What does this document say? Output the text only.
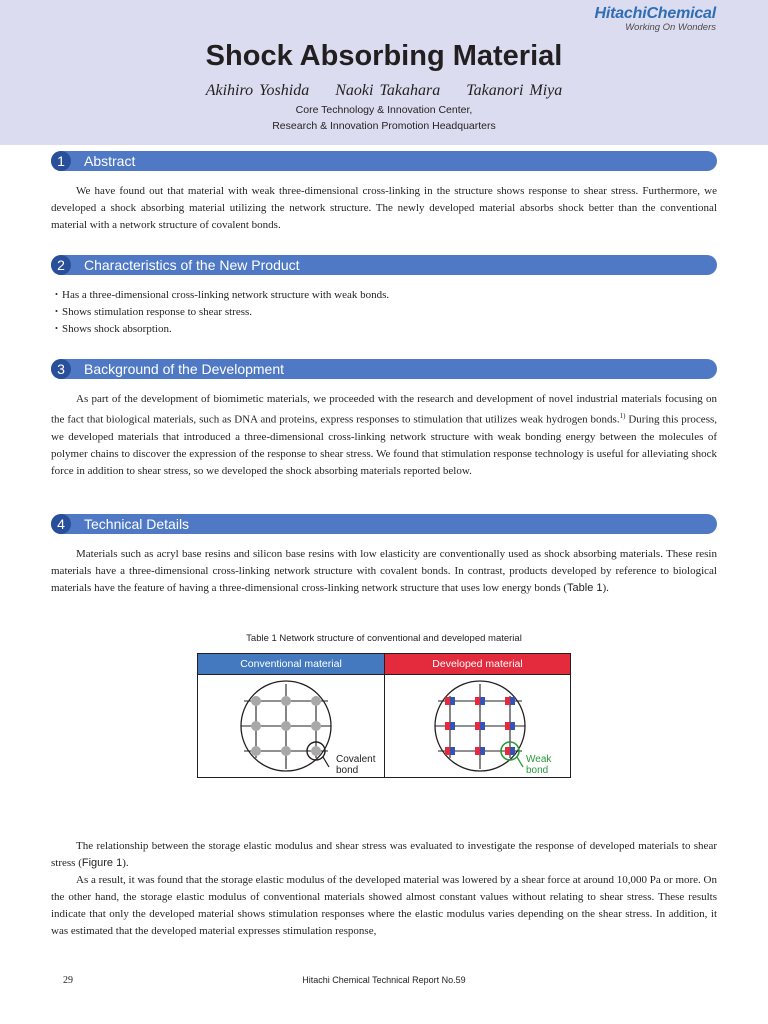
HitachiChemical
Working On Wonders
Shock Absorbing Material
Akihiro Yoshida Naoki Takahara Takanori Miya
Core Technology & Innovation Center,
Research & Innovation Promotion Headquarters
1	Abstract

We have found out that material with weak three-dimensional cross-linking in the structure shows response to shear stress. Furthermore, we developed a shock absorbing material utilizing the network structure. The newly developed material absorbs shock better than the conventional material with a network structure of covalent bonds.

2	Characteristics of the New Product
・Has a three-dimensional cross-linking network structure with weak bonds.
・Shows stimulation response to shear stress.
・Shows shock absorption.
3	Background of the Development

As part of the development of biomimetic materials, we proceeded with the research and development of novel industrial materials focusing on the fact that biological materials, such as DNA and proteins, express responses to stimulation that utilizes weak hydrogen bonds.$^{1)}$ During this process, we developed materials that introduced a three-dimensional cross-linking network structure with weak bonding energy between the molecules of polymer chains to discover the expression of the response to shear stress. We found that stimulation response technology is useful for alleviating shock force in addition to shear stress, so we developed the shock absorbing materials reported below.

4	Technical Details

Materials such as acryl base resins and silicon base resins with low elasticity are conventionally used as shock absorbing materials. These resin materials have a three-dimensional cross-linking network structure with covalent bonds. In contrast, products developed by reference to biological materials have the feature of having a three-dimensional cross-linking network structure that uses low energy bonds (Table 1).

Table 1 Network structure of conventional and developed material
Conventional material	Developed material
Covalent
bond
Weak
bond

The relationship between the storage elastic modulus and shear stress was evaluated to investigate the response of developed materials to shear stress (Figure 1).

As a result, it was found that the storage elastic modulus of the developed material was lowered by a shear force at around 10,000 Pa or more. On the other hand, the storage elastic modulus of conventional materials showed almost constant values without relating to shear stress. These results indicate that only the developed material shows stimulation responses where the elastic modulus varies depending on the shear stress. In addition, it was estimated that the developed material expresses stimulation response,

29	Hitachi Chemical Technical Report No.59
